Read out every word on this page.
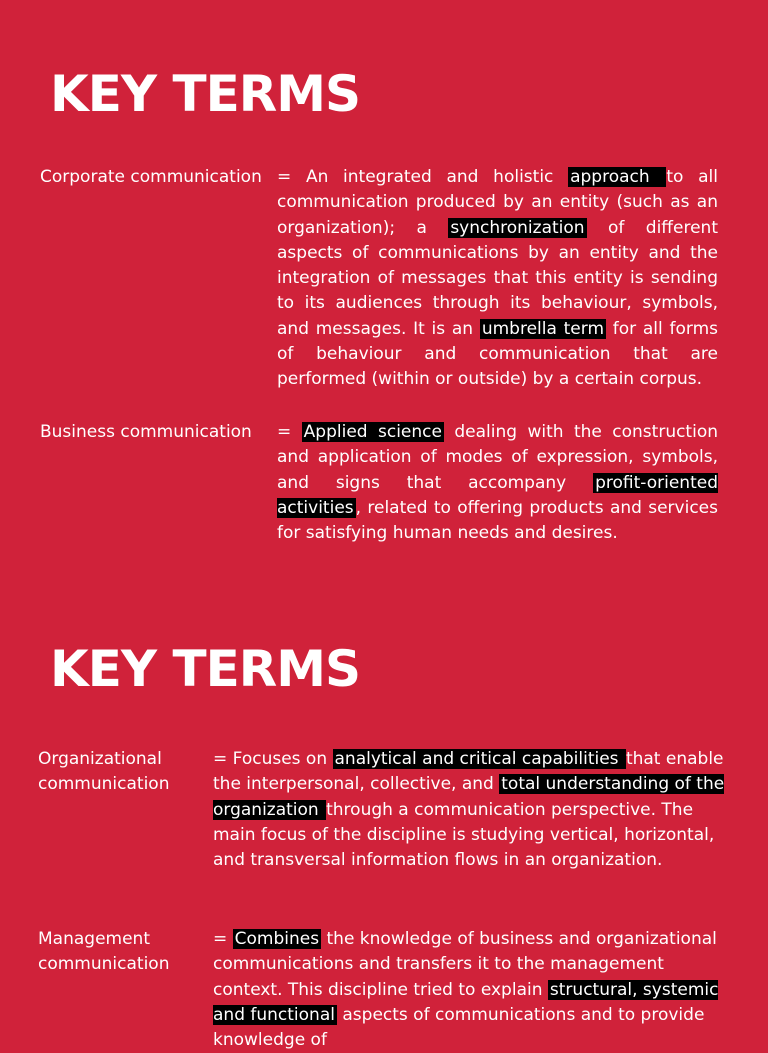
KEY TERMS

Corporate communication = An integrated and holistic approach to all communication produced by an entity (such as an organization); a synchronization of different aspects of communications by an entity and the integration of messages that this entity is sending to its audiences through its behaviour, symbols, and messages. It is an umbrella term for all forms of behaviour and communication that are performed (within or outside) by a certain corpus.

Business communication = Applied science dealing with the construction and application of modes of expression, symbols, and signs that accompany profit-oriented activities , related to offering products and services for satisfying human needs and desires.

KEY TERMS

Organizational communication

= Focuses on analytical and critical capabilities that enable the interpersonal, collective, and total understanding of the organization through a communication perspective. The main focus of the discipline is studying vertical, horizontal, and transversal information flows in an organization.

Management communication

= Combines the knowledge of business and organizational communications and transfers it to the management context. This discipline tried to explain structural, systemic and functional aspects of communications and to provide knowledge of
